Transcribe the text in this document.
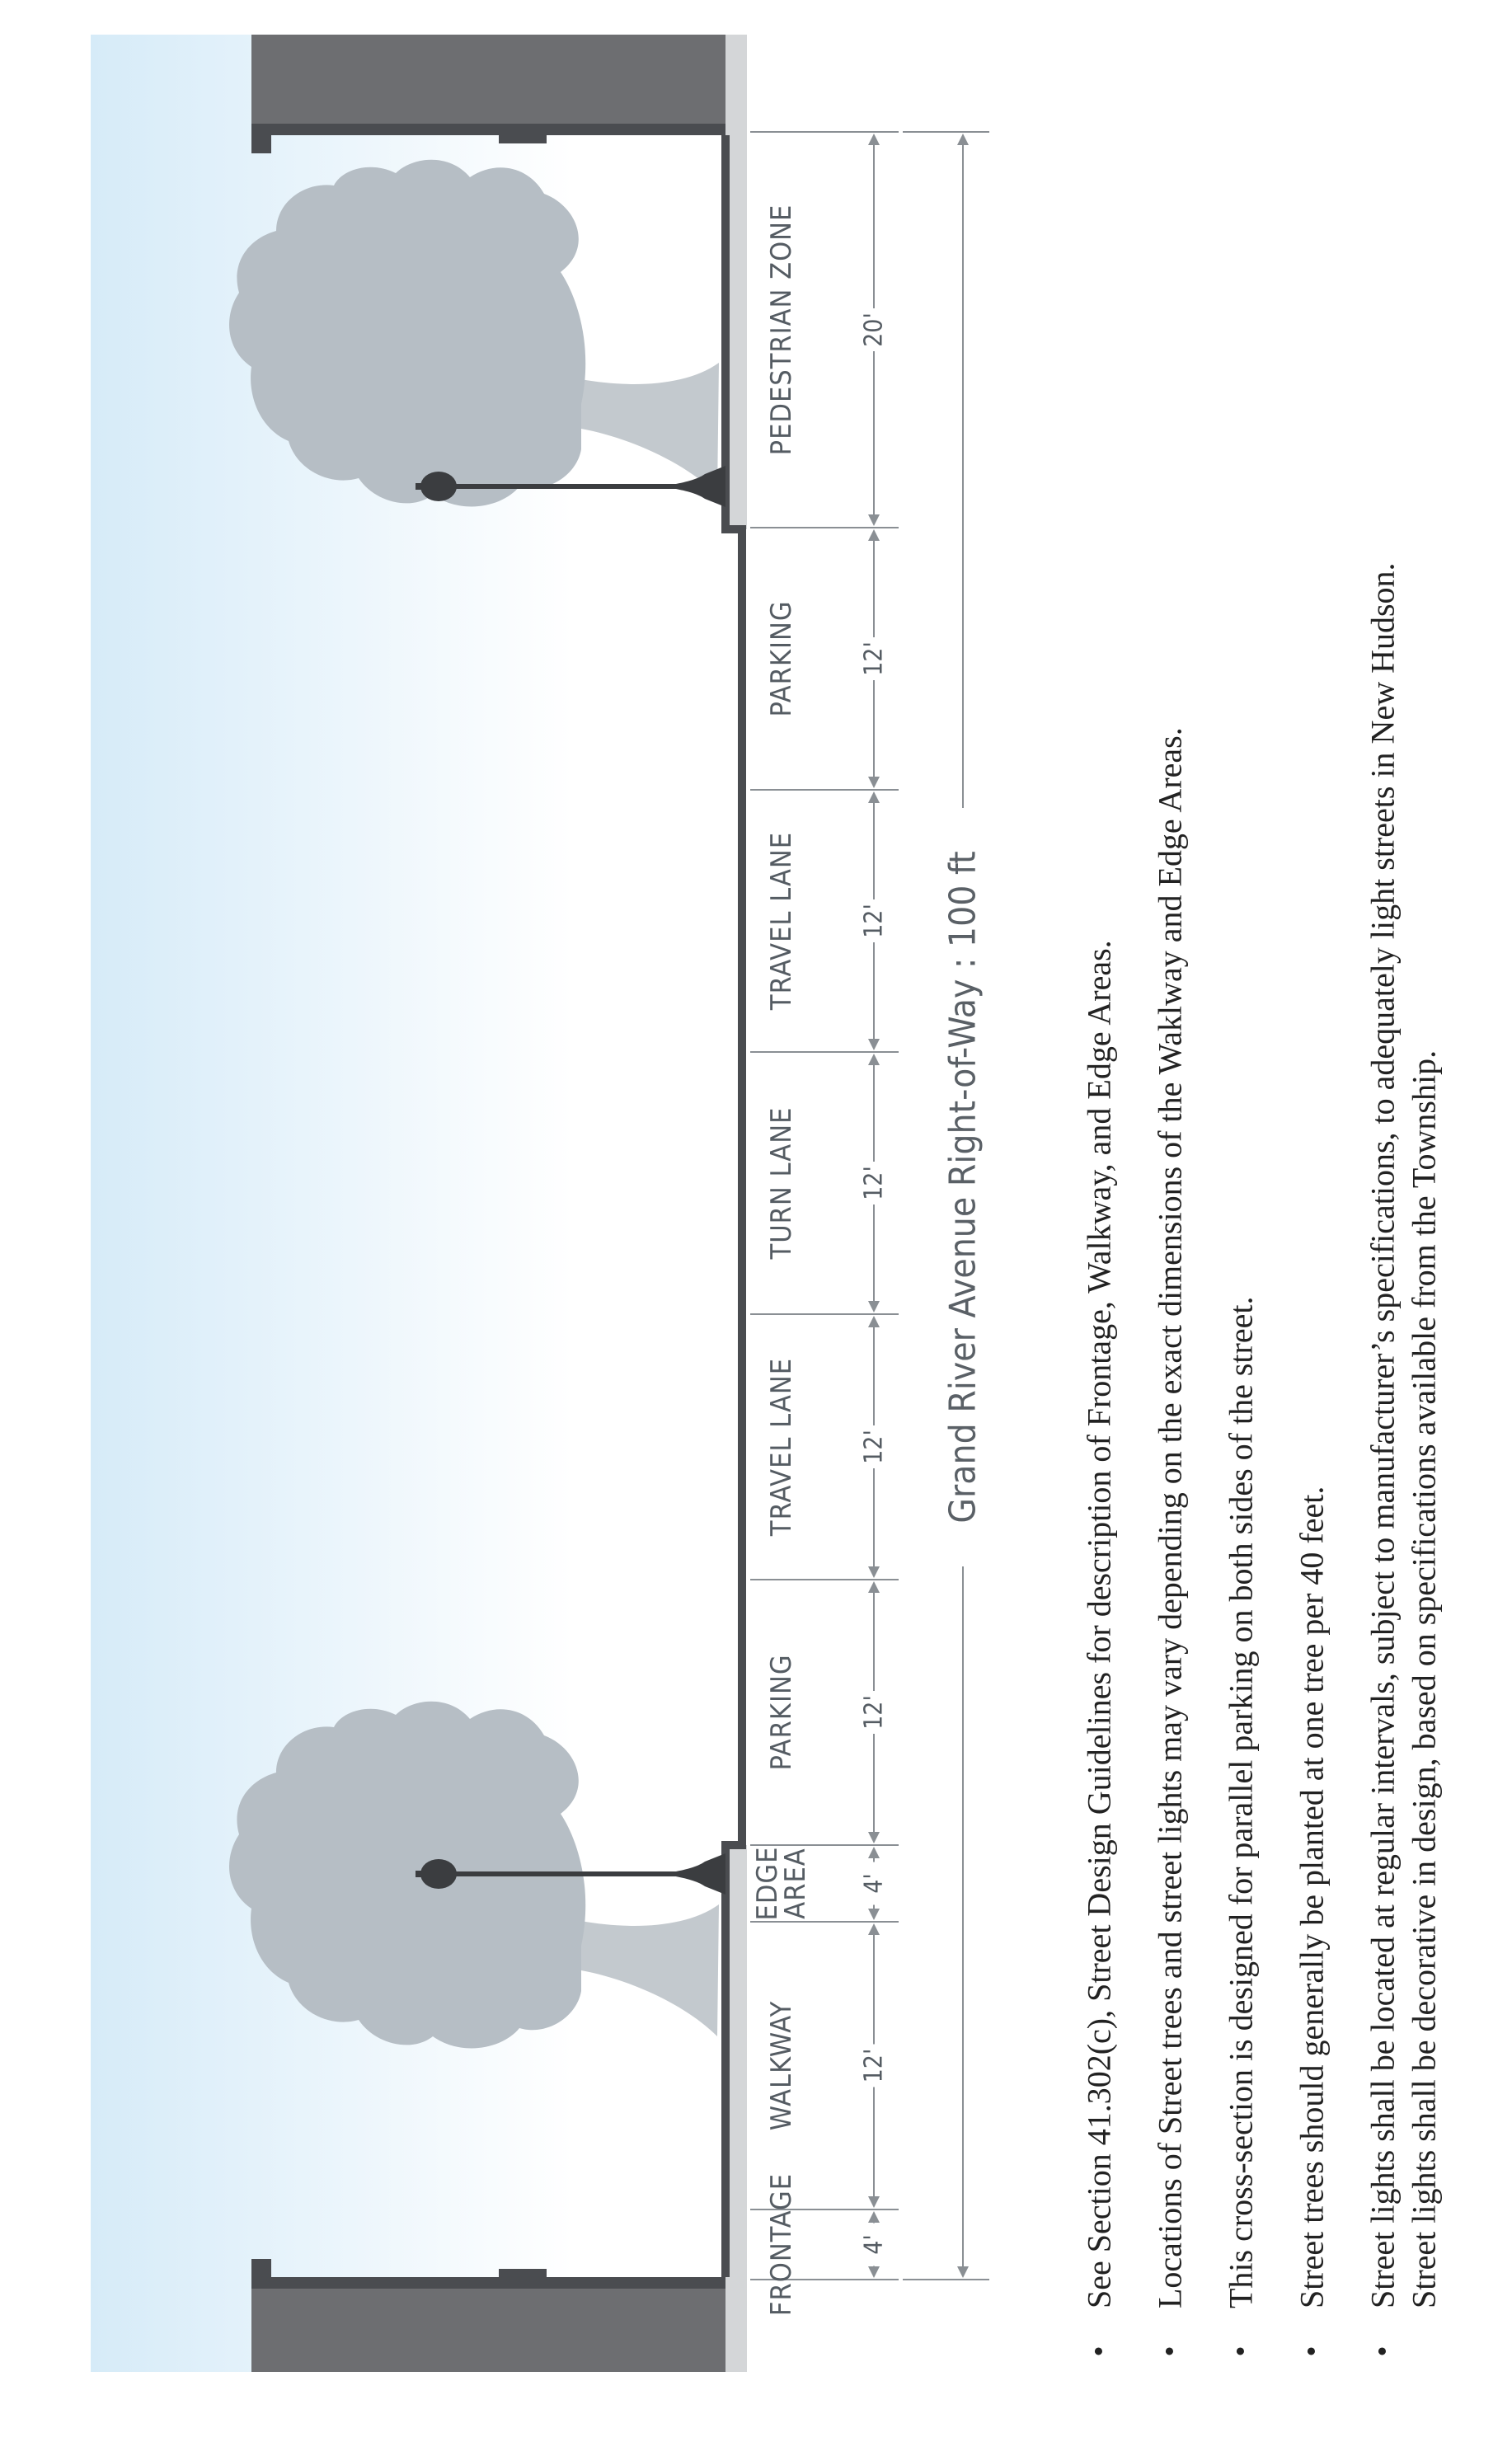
4'
12'
4'
12'
12'
12'
12'
12'
20'
FRONTAGE
WALKWAY
EDGE
AREA
PARKING
TRAVEL LANE
TURN LANE
TRAVEL LANE
PARKING
PEDESTRIAN ZONE
Grand River Avenue Right-of-Way : 100 ft
•
See Section 41.302(c), Street Design Guidelines for description of Frontage, Walkway, and Edge Areas.
•
Locations of Street trees and street lights may vary depending on the exact dimensions of the Waklway and Edge Areas.
•
This cross-section is designed for parallel parking on both sides of the street.
•
Street trees should generally be planted at one tree per 40 feet.
•
Street lights shall be located at regular intervals, subject to manufacturer’s specifications, to adequately light streets in New Hudson. Street lights shall be decorative in design, based on specifications available from the Township.
